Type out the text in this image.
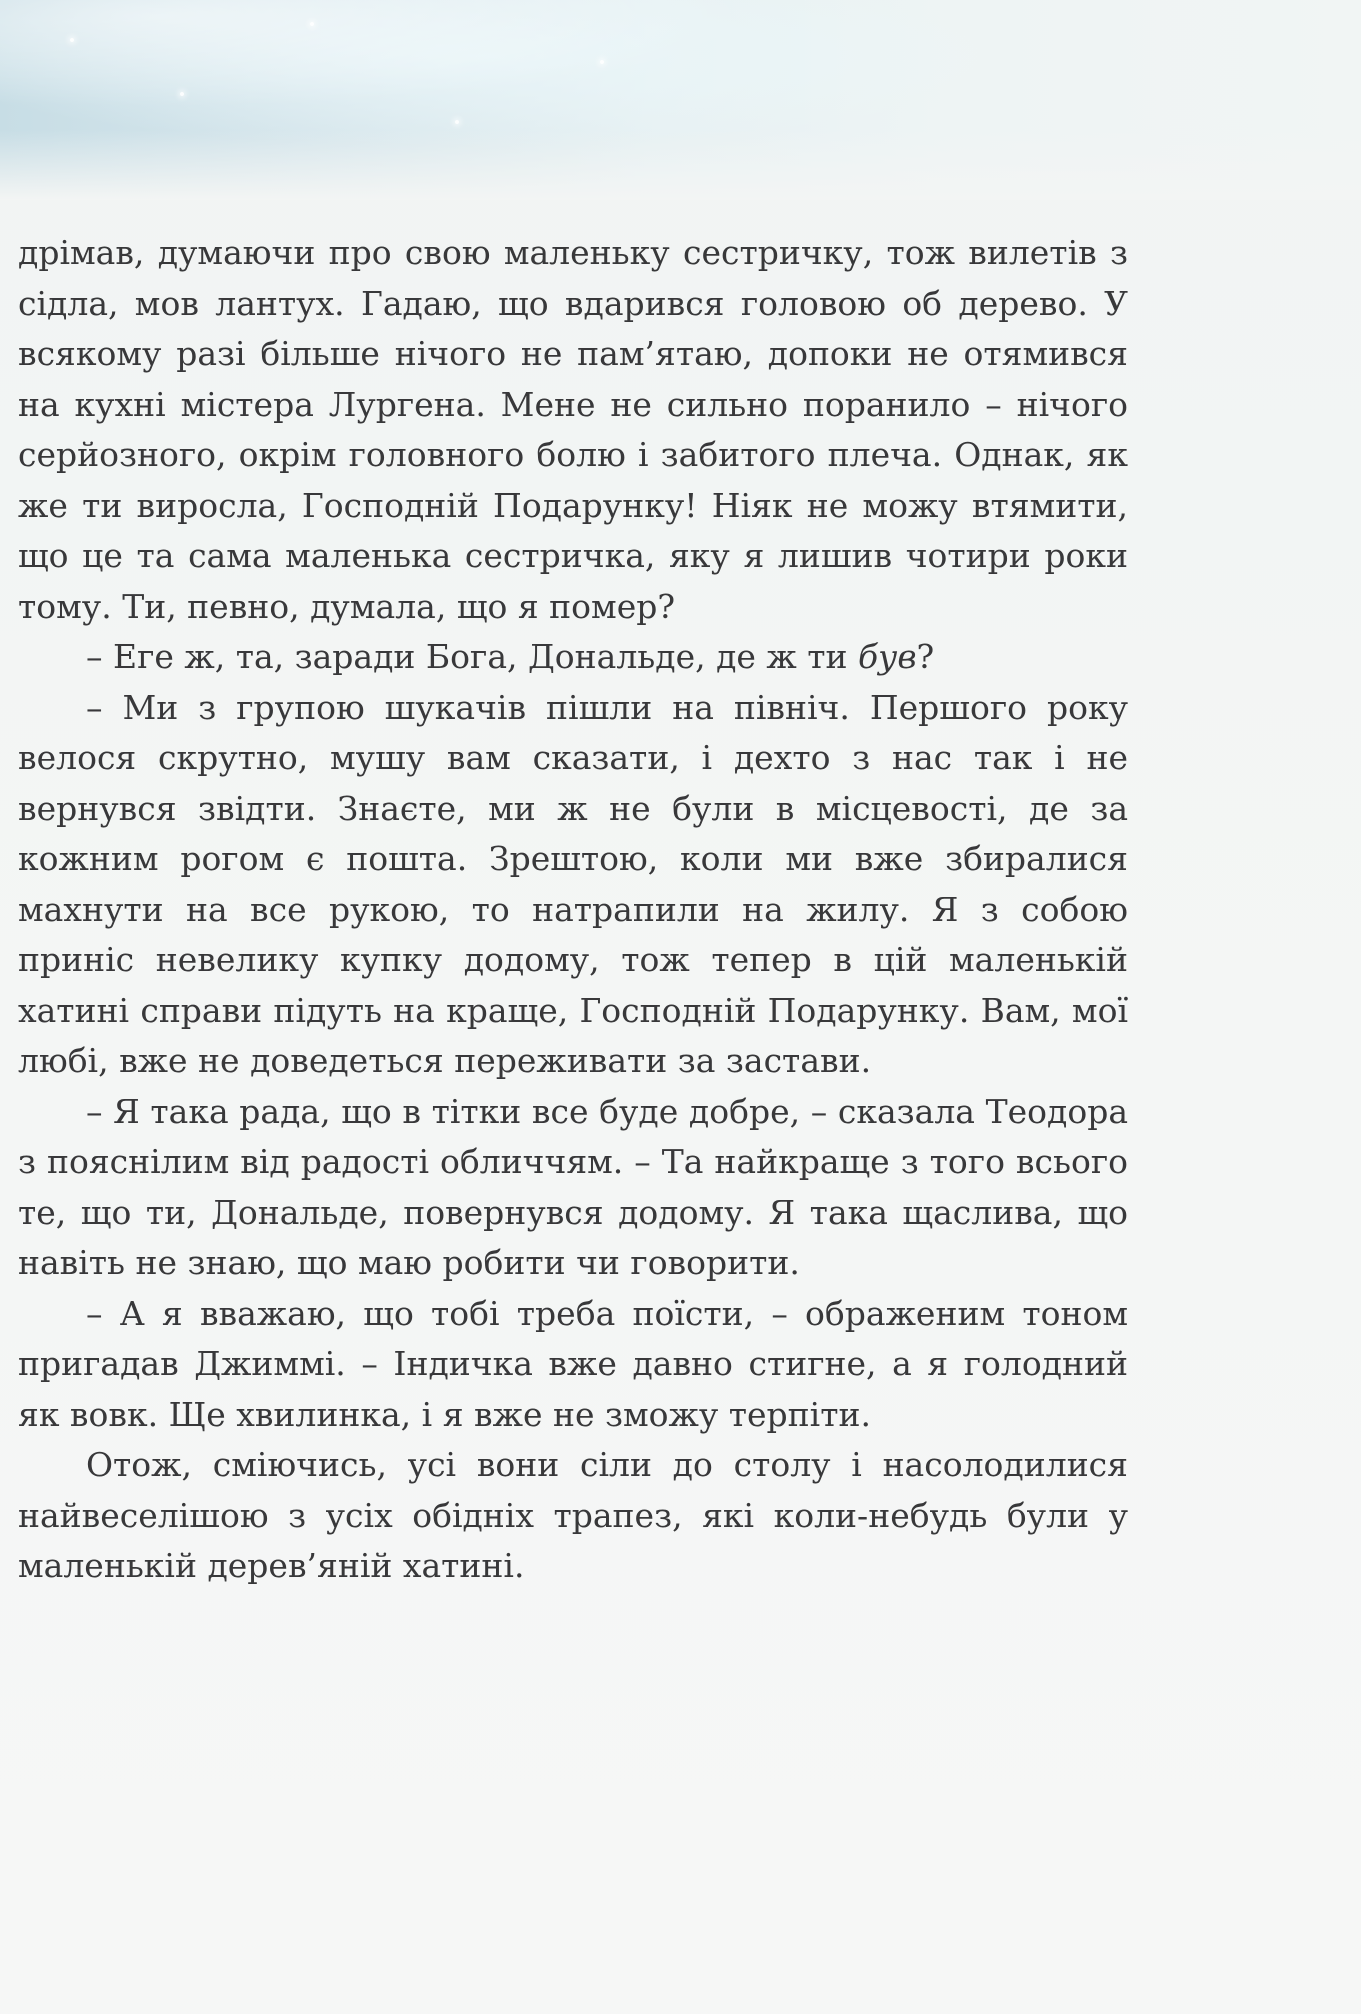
дрімав, думаючи про свою маленьку сестричку, тож вилетів з сідла, мов лантух. Гадаю, що вдарився головою об дерево. У всякому разі більше нічого не пам’ятаю, допоки не отямився на кухні містера Лургена. Мене не сильно поранило – нічого серйозного, окрім головного болю і забитого плеча. Однак, як же ти виросла, Господній Подарунку! Ніяк не можу втямити, що це та сама маленька сестричка, яку я лишив чотири роки тому. Ти, певно, думала, що я помер?

– Еге ж, та, заради Бога, Дональде, де ж ти був?

– Ми з групою шукачів пішли на північ. Першого року велося скрутно, мушу вам сказати, і дехто з нас так і не вернувся звідти. Знаєте, ми ж не були в місцевості, де за кожним рогом є пошта. Зрештою, коли ми вже збиралися махнути на все рукою, то натрапили на жилу. Я з собою приніс невелику купку додому, тож тепер в цій маленькій хатині справи підуть на краще, Господній Подарунку. Вам, мої любі, вже не доведеться переживати за застави.

– Я така рада, що в тітки все буде добре, – сказала Теодора з пояснілим від радості обличчям. – Та найкраще з того всього те, що ти, Дональде, повернувся додому. Я така щаслива, що навіть не знаю, що маю робити чи говорити.

– А я вважаю, що тобі треба поїсти, – ображеним тоном пригадав Джиммі. – Індичка вже давно стигне, а я голодний як вовк. Ще хвилинка, і я вже не зможу терпіти.

Отож, сміючись, усі вони сіли до столу і насолодилися найвеселішою з усіх обідніх трапез, які коли-небудь були у маленькій дерев’яній хатині.
